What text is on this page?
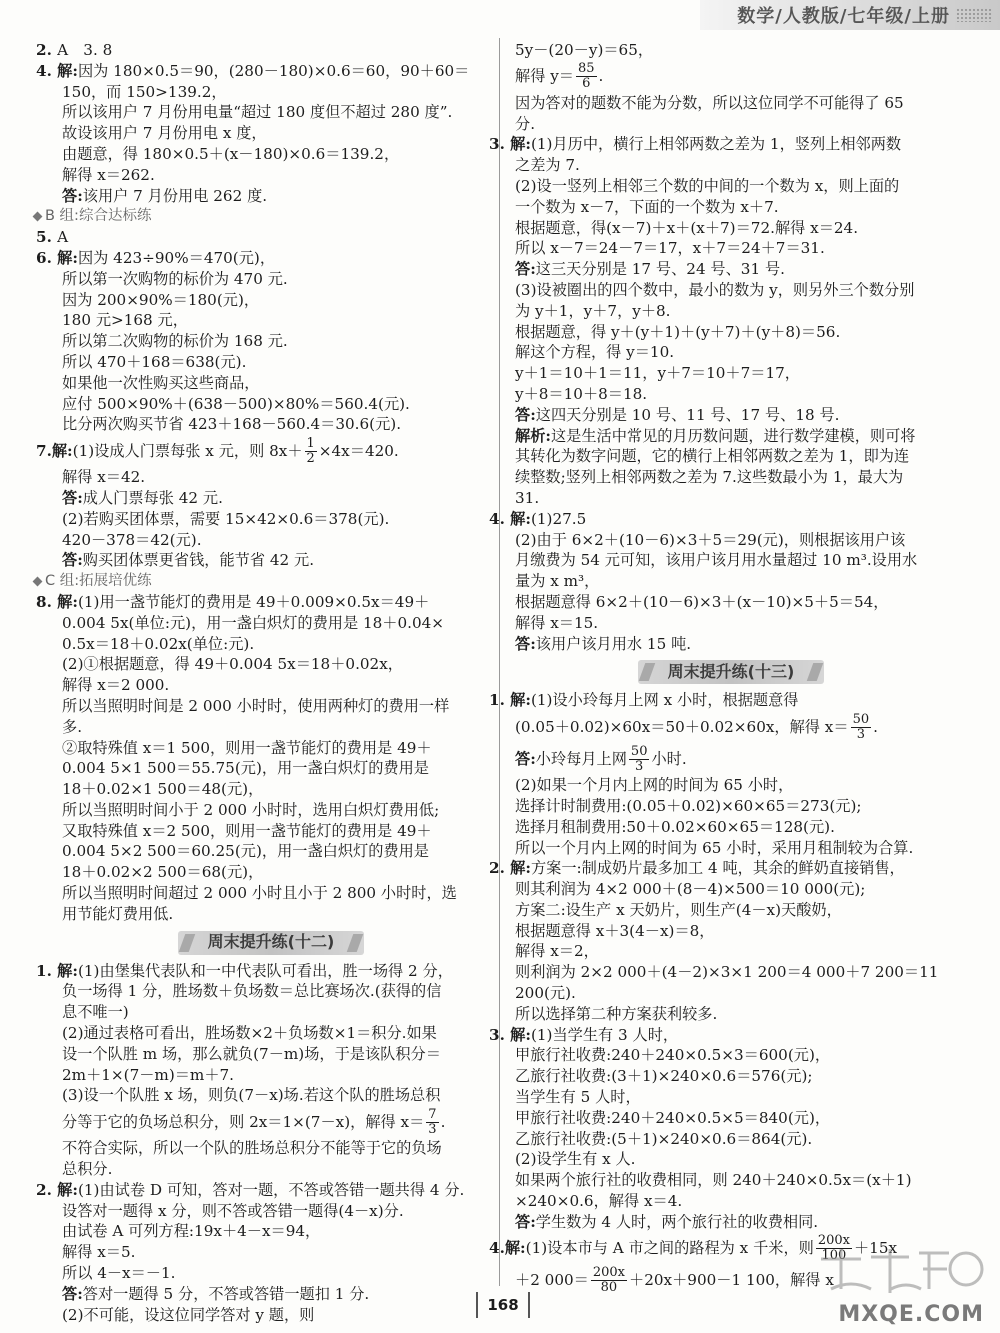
数学/人教版/七年级/上册
2. A　3. 8
4. 解:因为 180×0.5＝90，(280－180)×0.6＝60，90＋60＝
150，而 150>139.2，
所以该用户 7 月份用电量“超过 180 度但不超过 280 度”.
故设该用户 7 月份用电 x 度，
由题意，得 180×0.5＋(x－180)×0.6＝139.2，
解得 x＝262.
答:该用户 7 月份用电 262 度.
B 组:综合达标练
5. A
6. 解:因为 423÷90%＝470(元)，
所以第一次购物的标价为 470 元.
因为 200×90%＝180(元)，
180 元>168 元，
所以第二次购物的标价为 168 元.
所以 470＋168＝638(元).
如果他一次性购买这些商品，
应付 500×90%＋(638－500)×80%＝560.4(元).
比分两次购买节省 423＋168－560.4＝30.6(元).
7. 解: (1)设成人门票每张 x 元，则 $8x+ \frac{1}{2} \times 4x=420$.
解得 x＝42.
答:成人门票每张 42 元.
(2)若购买团体票，需要 15×42×0.6＝378(元).
420－378＝42(元).
答:购买团体票更省钱，能节省 42 元.
C 组:拓展培优练
8. 解:(1)用一盏节能灯的费用是 49＋0.009×0.5x＝49＋
0.004 5x(单位:元)，用一盏白炽灯的费用是 18＋0.04×
0.5x＝18＋0.02x(单位:元).
(2)①根据题意，得 49＋0.004 5x＝18＋0.02x，
解得 x＝2 000.
所以当照明时间是 2 000 小时时，使用两种灯的费用一样
多.
②取特殊值 x＝1 500，则用一盏节能灯的费用是 49＋
0.004 5×1 500＝55.75(元)，用一盏白炽灯的费用是
18＋0.02×1 500＝48(元)，
所以当照明时间小于 2 000 小时时，选用白炽灯费用低;
又取特殊值 x＝2 500，则用一盏节能灯的费用是 49＋
0.004 5×2 500＝60.25(元)，用一盏白炽灯的费用是
18＋0.02×2 500＝68(元)，
所以当照明时间超过 2 000 小时且小于 2 800 小时时，选
用节能灯费用低.
周末提升练(十二)
1. 解:(1)由堡集代表队和一中代表队可看出，胜一场得 2 分，
负一场得 1 分，胜场数＋负场数＝总比赛场次.(获得的信
息不唯一)
(2)通过表格可看出，胜场数×2＋负场数×1＝积分.如果
设一个队胜 m 场，那么就负(7－m)场，于是该队积分＝
2m＋1×(7－m)＝m＋7.
(3)设一个队胜 x 场，则负(7－x)场.若这个队的胜场总积
分等于它的负场总积分，则 2x＝1×(7－x)，解得 $x= \frac{7}{3}$ .
不符合实际，所以一个队的胜场总积分不能等于它的负场
总积分.
2. 解:(1)由试卷 D 可知，答对一题，不答或答错一题共得 4 分.
设答对一题得 x 分，则不答或答错一题得(4－x)分.
由试卷 A 可列方程:19x＋4－x＝94，
解得 x＝5.
所以 4－x＝－1.
答:答对一题得 5 分，不答或答错一题扣 1 分.
(2)不可能，设这位同学答对 y 题，则
5y－(20－y)＝65，
解得 $y= \frac{85}{6}$ .
因为答对的题数不能为分数，所以这位同学不可能得了 65
分.
3. 解:(1)月历中，横行上相邻两数之差为 1，竖列上相邻两数
之差为 7.
(2)设一竖列上相邻三个数的中间的一个数为 x，则上面的
一个数为 x－7，下面的一个数为 x＋7.
根据题意，得(x－7)＋x＋(x＋7)＝72.解得 x＝24.
所以 x－7＝24－7＝17，x＋7＝24＋7＝31.
答:这三天分别是 17 号、24 号、31 号.
(3)设被圈出的四个数中，最小的数为 y，则另外三个数分别
为 y＋1，y＋7，y＋8.
根据题意，得 y＋(y＋1)＋(y＋7)＋(y＋8)＝56.
解这个方程，得 y＝10.
y＋1＝10＋1＝11，y＋7＝10＋7＝17，
y＋8＝10＋8＝18.
答:这四天分别是 10 号、11 号、17 号、18 号.
解析:这是生活中常见的月历数问题，进行数学建模，则可将
其转化为数字问题，它的横行上相邻两数之差为 1，即为连
续整数;竖列上相邻两数之差为 7.这些数最小为 1，最大为
31.
4. 解:(1)27.5
(2)由于 6×2＋(10－6)×3＋5＝29(元)，则根据该用户该
月缴费为 54 元可知，该用户该月用水量超过 10 m³.设用水
量为 x m³，
根据题意得 6×2＋(10－6)×3＋(x－10)×5＋5＝54，
解得 x＝15.
答:该用户该月用水 15 吨.
周末提升练(十三)
1. 解:(1)设小玲每月上网 x 小时，根据题意得
(0.05＋0.02)×60x＝50＋0.02×60x，解得 $x= \frac{50}{3}$ .
答: 小玲每月上网 $\frac{50}{3}$ 小时.
(2)如果一个月内上网的时间为 65 小时，
选择计时制费用:(0.05＋0.02)×60×65＝273(元);
选择月租制费用:50＋0.02×60×65＝128(元).
所以一个月内上网的时间为 65 小时，采用月租制较为合算.
2. 解:方案一:制成奶片最多加工 4 吨，其余的鲜奶直接销售，
则其利润为 4×2 000＋(8－4)×500＝10 000(元);
方案二:设生产 x 天奶片，则生产(4－x)天酸奶，
根据题意得 x＋3(4－x)＝8，
解得 x＝2，
则利润为 2×2 000＋(4－2)×3×1 200＝4 000＋7 200＝11
200(元).
所以选择第二种方案获利较多.
3. 解:(1)当学生有 3 人时，
甲旅行社收费:240＋240×0.5×3＝600(元)，
乙旅行社收费:(3＋1)×240×0.6＝576(元);
当学生有 5 人时，
甲旅行社收费:240＋240×0.5×5＝840(元)，
乙旅行社收费:(5＋1)×240×0.6＝864(元).
(2)设学生有 x 人.
如果两个旅行社的收费相同，则 240＋240×0.5x＝(x＋1)
×240×0.6，解得 x＝4.
答:学生数为 4 人时，两个旅行社的收费相同.
4. 解: (1)设本市与 A 市之间的路程为 x 千米，则 $\frac{200x}{100} +15x$
＋2 $000= \frac{200x}{80} +20x+900-1$ 100，解得 x
168	MXQE.COM
